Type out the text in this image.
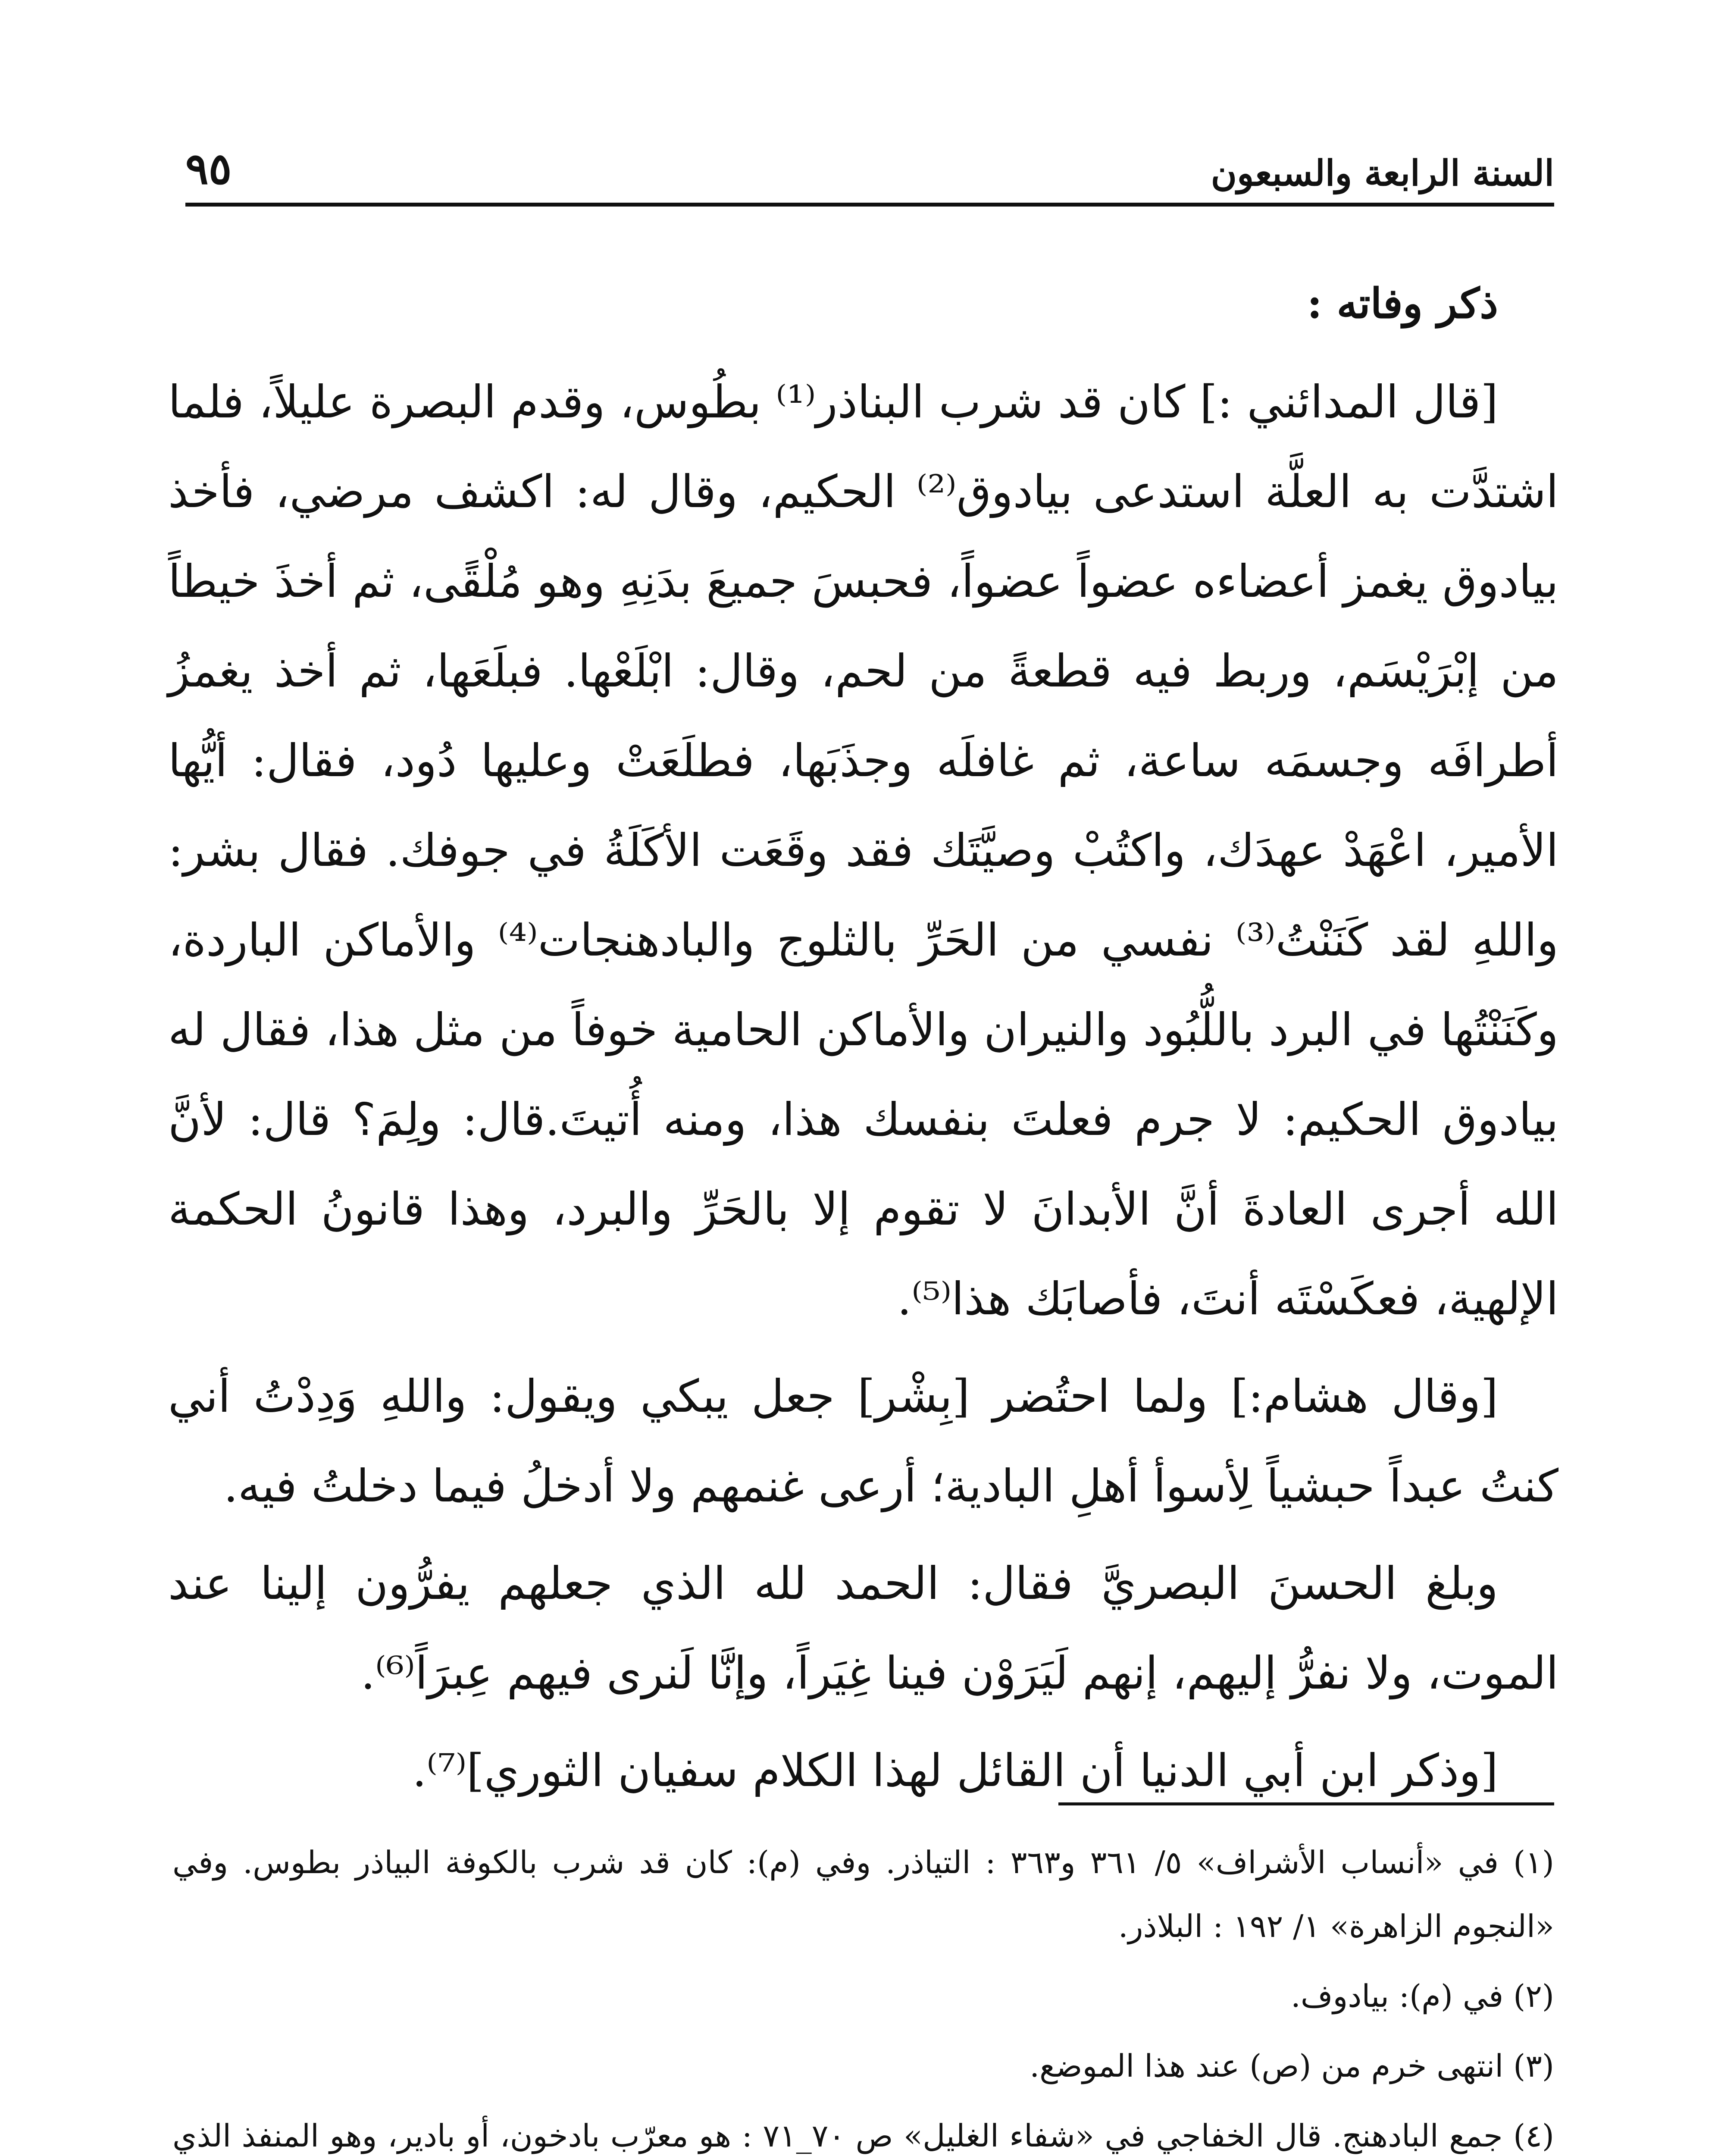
السنة الرابعة والسبعون
٩٥
ذكر وفاته :

[قال المدائني :] كان قد شرب البناذر⁽¹⁾ بطُوس، وقدم البصرة عليلاً، فلما اشتدَّت به العلَّة استدعى بيادوق⁽²⁾ الحكيم، وقال له: اكشف مرضي، فأخذ بيادوق يغمز أعضاءه عضواً عضواً، فحبسَ جميعَ بدَنِهِ وهو مُلْقًى، ثم أخذَ خيطاً من إبْرَيْسَم، وربط فيه قطعةً من لحم، وقال: ابْلَعْها. فبلَعَها، ثم أخذ يغمزُ أطرافَه وجسمَه ساعة، ثم غافلَه وجذَبَها، فطلَعَتْ وعليها دُود، فقال: أيُّها الأمير، اعْهَدْ عهدَك، واكتُبْ وصيَّتَك فقد وقَعَت الأكَلَةُ في جوفك. فقال بشر: واللهِ لقد كَنَنْتُ⁽³⁾ نفسي من الحَرِّ بالثلوج والبادهنجات⁽⁴⁾ والأماكن الباردة، وكَنَنْتُها في البرد باللُّبُود والنيران والأماكن الحامية خوفاً من مثل هذا، فقال له بيادوق الحكيم: لا جرم فعلتَ بنفسك هذا، ومنه أُتيتَ.قال: ولِمَ؟ قال: لأنَّ الله أجرى العادةَ أنَّ الأبدانَ لا تقوم إلا بالحَرِّ والبرد، وهذا قانونُ الحكمة الإلهية، فعكَسْتَه أنتَ، فأصابَك هذا⁽⁵⁾.

[وقال هشام:] ولما احتُضر [بِشْر] جعل يبكي ويقول: واللهِ وَدِدْتُ أني كنتُ عبداً حبشياً لِأسوأ أهلِ البادية؛ أرعى غنمهم ولا أدخلُ فيما دخلتُ فيه.

وبلغ الحسنَ البصريَّ فقال: الحمد لله الذي جعلهم يفرُّون إلينا عند الموت، ولا نفرُّ إليهم، إنهم لَيَرَوْن فينا غِيَراً، وإنَّا لَنرى فيهم عِبرَاً⁽⁶⁾.

[وذكر ابن أبي الدنيا أن القائل لهذا الكلام سفيان الثوري]⁽⁷⁾.

(١) في «أنساب الأشراف» ٥/ ٣٦١ و٣٦٣ : التياذر. وفي (م): كان قد شرب بالكوفة البياذر بطوس. وفي «النجوم الزاهرة» ١/ ١٩٢ : البلاذر.
(٢) في (م): بيادوف.
(٣) انتهى خرم من (ص) عند هذا الموضع.
(٤) جمع البادهنج. قال الخفاجي في «شفاء الغليل» ص ٧٠_٧١ : هو معرّب بادخون، أو بادير، وهو المنفذ الذي
